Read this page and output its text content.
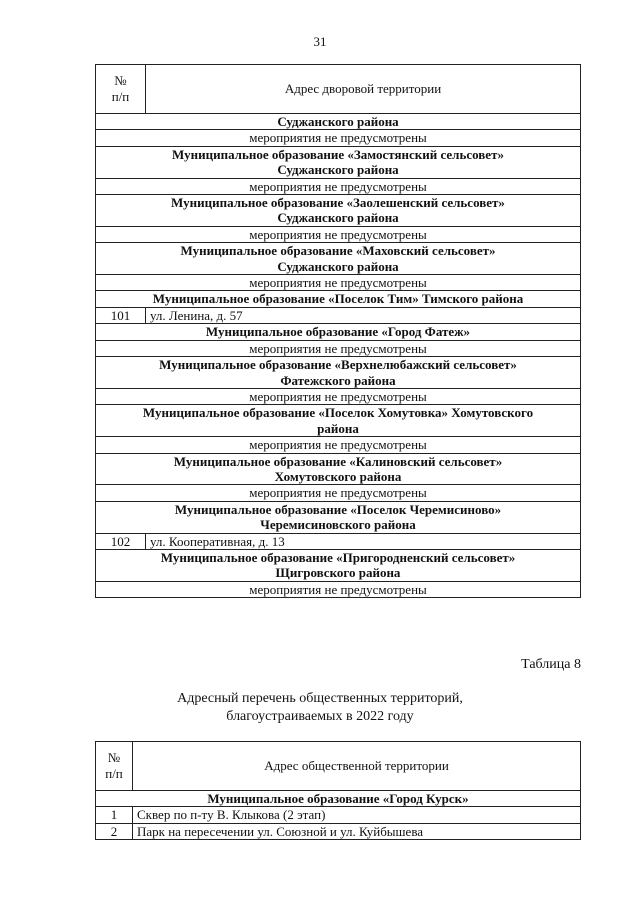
31
№
п/п	Адрес дворовой территории
Суджанского района	
мероприятия не предусмотрены	
Муниципальное образование «Замостянский сельсовет»
Суджанского района	
мероприятия не предусмотрены	
Муниципальное образование «Заолешенский сельсовет»
Суджанского района	
мероприятия не предусмотрены	
Муниципальное образование «Маховский сельсовет»
Суджанского района	
мероприятия не предусмотрены	
Муниципальное образование «Поселок Тим» Тимского района	
101	ул. Ленина, д. 57
Муниципальное образование «Город Фатеж»	
мероприятия не предусмотрены	
Муниципальное образование «Верхнелюбажский сельсовет»
Фатежского района	
мероприятия не предусмотрены	
Муниципальное образование «Поселок Хомутовка» Хомутовского
района	
мероприятия не предусмотрены	
Муниципальное образование «Калиновский сельсовет»
Хомутовского района	
мероприятия не предусмотрены	
Муниципальное образование «Поселок Черемисиново»
Черемисиновского района	
102	ул. Кооперативная, д. 13
Муниципальное образование «Пригородненский сельсовет»
Щигровского района	
мероприятия не предусмотрены	
Таблица 8
Адресный перечень общественных территорий,
благоустраиваемых в 2022 году
№
п/п	Адрес общественной территории
Муниципальное образование «Город Курск»	
1	Сквер по п-ту В. Клыкова (2 этап)
2	Парк на пересечении ул. Союзной и ул. Куйбышева
